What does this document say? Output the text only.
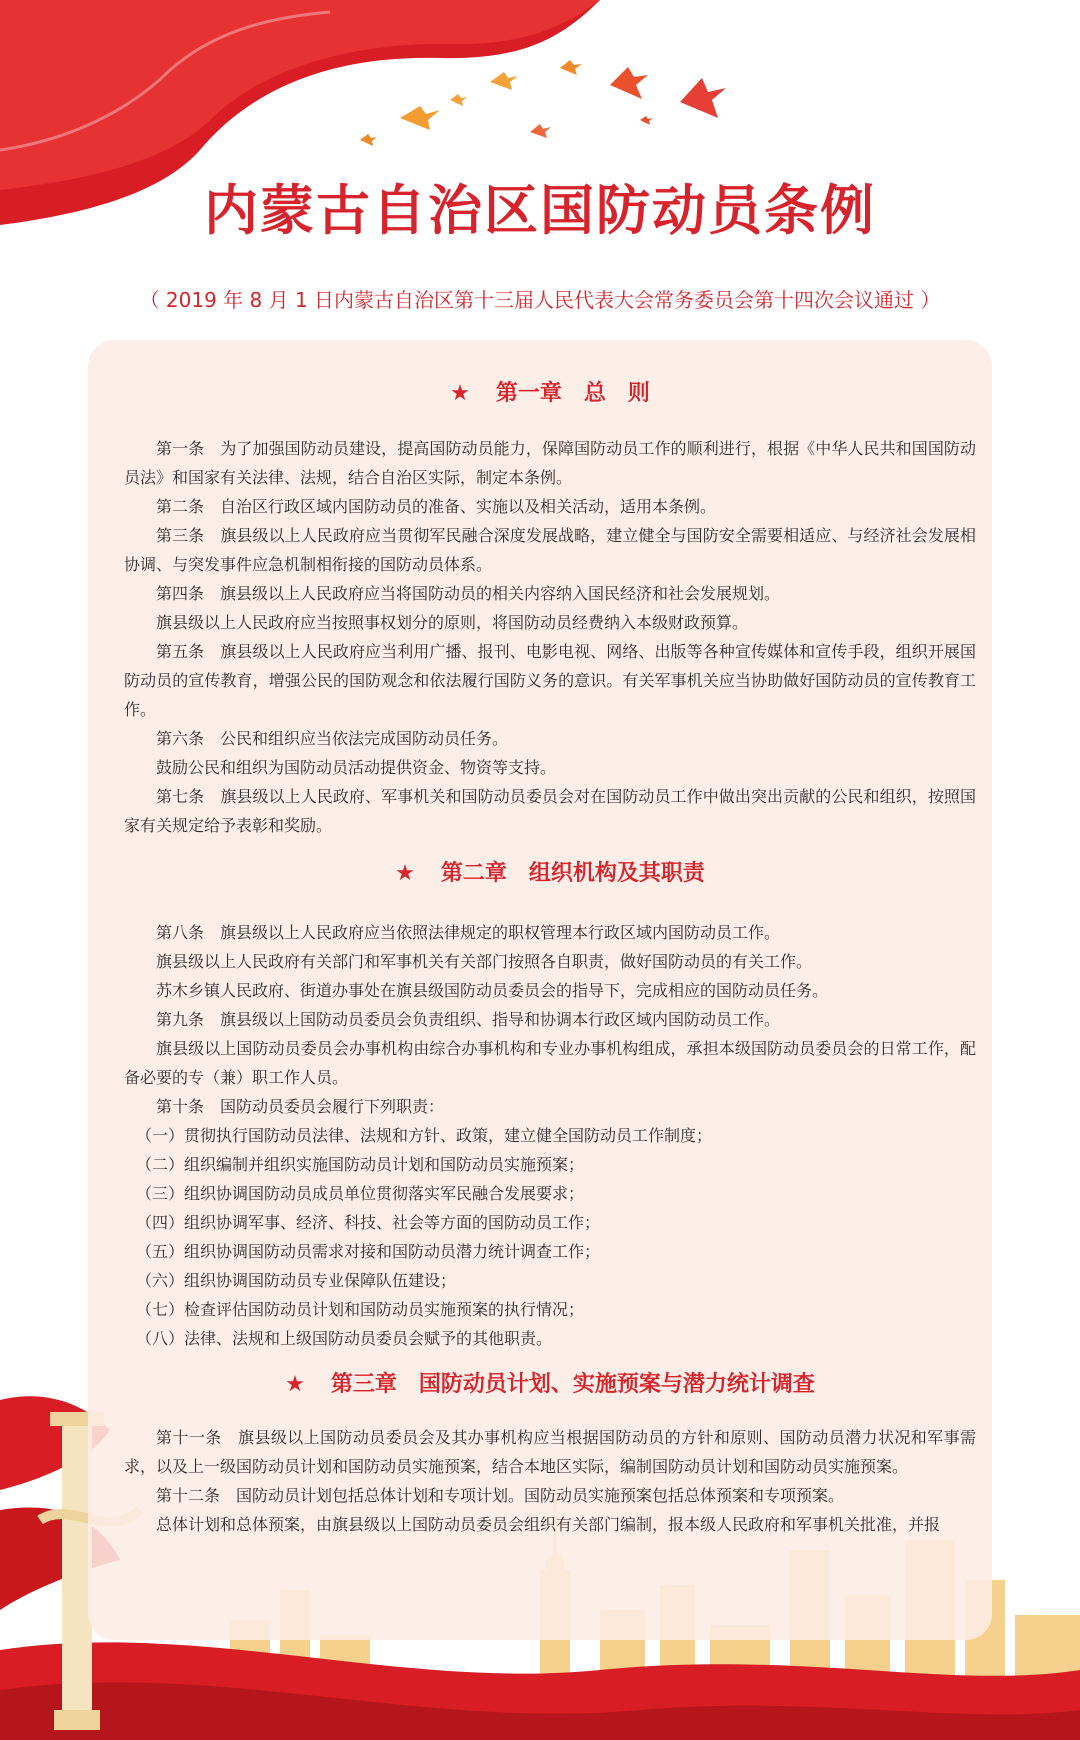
内蒙古自治区国防动员条例

（ 2019 年 8 月 1 日内蒙古自治区第十三届人民代表大会常务委员会第十四次会议通过 ）

★ 第一章　总　则

第一条　为了加强国防动员建设，提高国防动员能力，保障国防动员工作的顺利进行，根据《中华人民共和国国防动员法》和国家有关法律、法规，结合自治区实际，制定本条例。

第二条　自治区行政区域内国防动员的准备、实施以及相关活动，适用本条例。

第三条　旗县级以上人民政府应当贯彻军民融合深度发展战略，建立健全与国防安全需要相适应、与经济社会发展相协调、与突发事件应急机制相衔接的国防动员体系。

第四条　旗县级以上人民政府应当将国防动员的相关内容纳入国民经济和社会发展规划。

旗县级以上人民政府应当按照事权划分的原则，将国防动员经费纳入本级财政预算。

第五条　旗县级以上人民政府应当利用广播、报刊、电影电视、网络、出版等各种宣传媒体和宣传手段，组织开展国防动员的宣传教育，增强公民的国防观念和依法履行国防义务的意识。有关军事机关应当协助做好国防动员的宣传教育工作。

第六条　公民和组织应当依法完成国防动员任务。

鼓励公民和组织为国防动员活动提供资金、物资等支持。

第七条　旗县级以上人民政府、军事机关和国防动员委员会对在国防动员工作中做出突出贡献的公民和组织，按照国家有关规定给予表彰和奖励。

★ 第二章　组织机构及其职责

第八条　旗县级以上人民政府应当依照法律规定的职权管理本行政区域内国防动员工作。

旗县级以上人民政府有关部门和军事机关有关部门按照各自职责，做好国防动员的有关工作。

苏木乡镇人民政府、街道办事处在旗县级国防动员委员会的指导下，完成相应的国防动员任务。

第九条　旗县级以上国防动员委员会负责组织、指导和协调本行政区域内国防动员工作。

旗县级以上国防动员委员会办事机构由综合办事机构和专业办事机构组成，承担本级国防动员委员会的日常工作，配备必要的专（兼）职工作人员。

第十条　国防动员委员会履行下列职责：

（一）贯彻执行国防动员法律、法规和方针、政策，建立健全国防动员工作制度；

（二）组织编制并组织实施国防动员计划和国防动员实施预案；

（三）组织协调国防动员成员单位贯彻落实军民融合发展要求；

（四）组织协调军事、经济、科技、社会等方面的国防动员工作；

（五）组织协调国防动员需求对接和国防动员潜力统计调查工作；

（六）组织协调国防动员专业保障队伍建设；

（七）检查评估国防动员计划和国防动员实施预案的执行情况；

（八）法律、法规和上级国防动员委员会赋予的其他职责。

★ 第三章　国防动员计划、实施预案与潜力统计调查

第十一条　旗县级以上国防动员委员会及其办事机构应当根据国防动员的方针和原则、国防动员潜力状况和军事需求，以及上一级国防动员计划和国防动员实施预案，结合本地区实际，编制国防动员计划和国防动员实施预案。

第十二条　国防动员计划包括总体计划和专项计划。国防动员实施预案包括总体预案和专项预案。

总体计划和总体预案，由旗县级以上国防动员委员会组织有关部门编制，报本级人民政府和军事机关批准，并报
